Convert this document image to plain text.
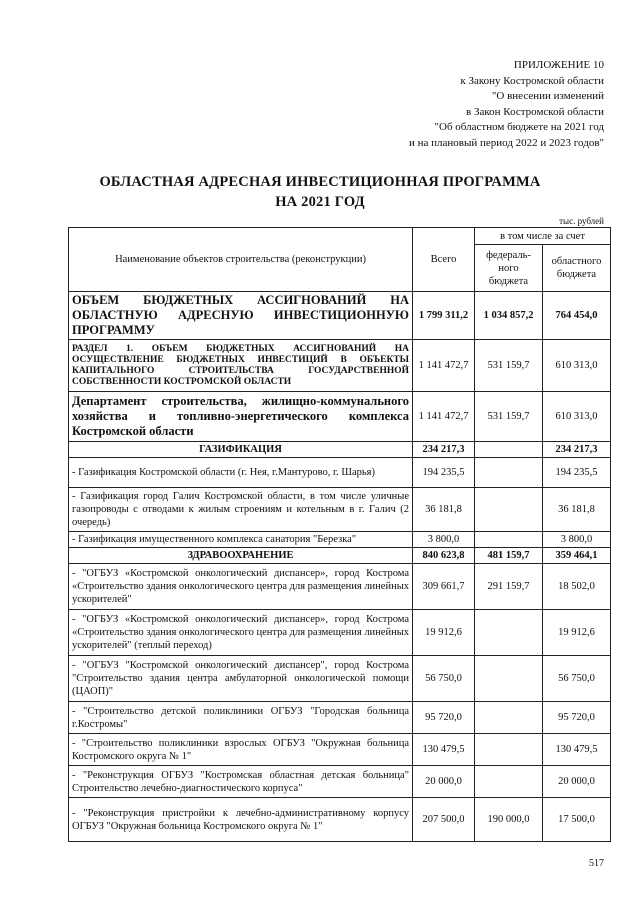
ПРИЛОЖЕНИЕ 10
к Закону Костромской области
"О внесении изменений
в Закон Костромской области
"Об областном бюджете на 2021 год
и на плановый период 2022 и 2023 годов"
ОБЛАСТНАЯ АДРЕСНАЯ ИНВЕСТИЦИОННАЯ ПРОГРАММА
НА 2021 ГОД
тыс. рублей
Наименование объектов строительства (реконструкции)	Всего	в том числе за счет	
		федераль-ного бюджета	областного бюджета
ОБЪЕМ БЮДЖЕТНЫХ АССИГНОВАНИЙ НА ОБЛАСТНУЮ АДРЕСНУЮ ИНВЕСТИЦИОННУЮ ПРОГРАММУ	1 799 311,2	1 034 857,2	764 454,0
РАЗДЕЛ 1. ОБЪЕМ БЮДЖЕТНЫХ АССИГНОВАНИЙ НА ОСУЩЕСТВЛЕНИЕ БЮДЖЕТНЫХ ИНВЕСТИЦИЙ В ОБЪЕКТЫ КАПИТАЛЬНОГО СТРОИТЕЛЬСТВА ГОСУДАРСТВЕННОЙ СОБСТВЕННОСТИ КОСТРОМСКОЙ ОБЛАСТИ	1 141 472,7	531 159,7	610 313,0
Департамент строительства, жилищно-коммунального хозяйства и топливно-энергетического комплекса Костромской области	1 141 472,7	531 159,7	610 313,0
ГАЗИФИКАЦИЯ	234 217,3		234 217,3
- Газификация Костромской области (г. Нея, г.Мантурово, г. Шарья)	194 235,5		194 235,5
- Газификация город Галич Костромской области, в том числе уличные газопроводы с отводами к жилым строениям и котельным в г. Галич (2 очередь)	36 181,8		36 181,8
- Газификация имущественного комплекса санатория "Березка"	3 800,0		3 800,0
ЗДРАВООХРАНЕНИЕ	840 623,8	481 159,7	359 464,1
- "ОГБУЗ «Костромской онкологический диспансер», город Кострома «Строительство здания онкологического центра для размещения линейных ускорителей"	309 661,7	291 159,7	18 502,0
- "ОГБУЗ «Костромской онкологический диспансер», город Кострома «Строительство здания онкологического центра для размещения линейных ускорителей" (теплый переход)	19 912,6		19 912,6
- "ОГБУЗ "Костромской онкологический диспансер", город Кострома "Строительство здания центра амбулаторной онкологической помощи (ЦАОП)"	56 750,0		56 750,0
- "Строительство детской поликлиники ОГБУЗ "Городская больница г.Костромы"	95 720,0		95 720,0
- "Строительство поликлиники взрослых ОГБУЗ "Окружная больница Костромского округа № 1"	130 479,5		130 479,5
- "Реконструкция ОГБУЗ "Костромская областная детская больница" Строительство лечебно-диагностического корпуса"	20 000,0		20 000,0
- "Реконструкция пристройки к лечебно-административному корпусу ОГБУЗ "Окружная больница Костромского округа № 1"	207 500,0	190 000,0	17 500,0
517
